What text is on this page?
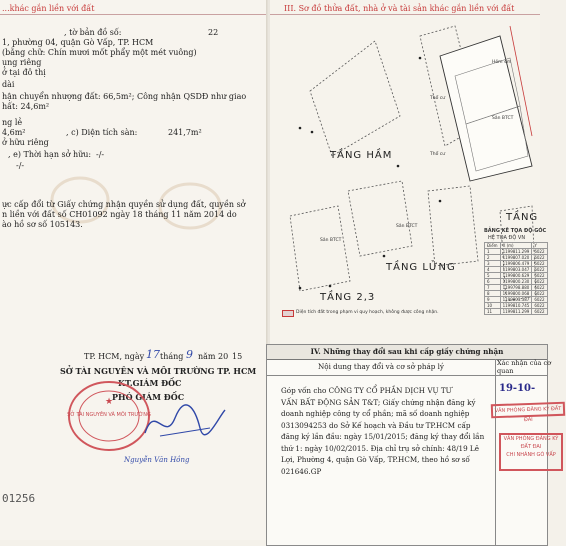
...khác gắn liền với đất
, tờ bản đồ số:	22
1, phường 04, quận Gò Vấp, TP. HCM
(bằng chữ: Chín mươi mốt phẩy một mét vuông)
ụng riêng
ở tại đô thị
dài
hận chuyển nhượng đất: 66,5m²; Công nhận QSDĐ như giao
hất: 24,6m²
ng lẻ
4,6m²	, c) Diện tích sàn:	241,7m²
ở hữu riêng
, e) Thời hạn sở hữu: -/-
-/-
ực cấp đổi từ Giấy chứng nhận quyền sử dụng đất, quyền sở
n liền với đất số CH01092 ngày 18 tháng 11 năm 2014 do
ào hồ sơ số 105143.
TP. HCM, ngày 17 tháng 9 năm 20 15
SỞ TÀI NGUYÊN VÀ MÔI TRƯỜNG TP. HCM
KT.GIÁM ĐỐC
PHÓ GIÁM ĐỐC
SỞ TÀI NGUYÊN VÀ MÔI TRƯỜNG
★
Nguyễn Văn Hồng
01256
III. Sơ đồ thửa đất, nhà ở và tài sản khác gắn liền với đất
TẦNG HẦM
TẦNG LỬNG
TẦNG 2,3
TẦNG
Sân BTCT
Sân BTCT
Sân BTCT
Thổ cư
Thổ cư
Hẻm 4m
BẢNG KÊ TỌA ĐỘ GÓC
HỆ TỌA ĐỘ VN
Điểm	X (m)	Y
1	1199811.299	6022
2	1199807.020	6022
3	1199806.479	6022
4	1199803.047	6022
5	1199800.629	6022
6	1199800.230	6022
7	1199798.880	6022
8	1199800.068	6022
9	1199803.387	6022
10	1199810.745	6022
11	1199811.299	6022
Diện tích đất trong phạm vi quy hoạch, không được công nhận.
IV. Những thay đổi sau khi cấp giấy chứng nhận
Nội dung thay đổi và cơ sở pháp lý	Xác nhận của cơ quan
Góp vốn cho CÔNG TY CỔ PHẦN DỊCH VỤ TƯ
VẤN BẤT ĐỘNG SẢN T&T; Giấy chứng nhận đăng ký
doanh nghiệp công ty cổ phần; mã số doanh nghiệp
0313094253 do Sở Kế hoạch và Đầu tư TP.HCM cấp
đăng ký lần đầu: ngày 15/01/2015; đăng ký thay đổi lần
thứ 1: ngày 10/02/2015. Địa chỉ trụ sở chính: 48/19 Lê
Lợi, Phường 4, quận Gò Vấp, TP.HCM, theo hồ sơ số
021646.GP
19-10-
VĂN PHÒNG ĐĂNG KÝ ĐẤT ĐAI
VĂN PHÒNG ĐĂNG KÝ ĐẤT ĐAI
CHI NHÁNH GÒ VẤP
